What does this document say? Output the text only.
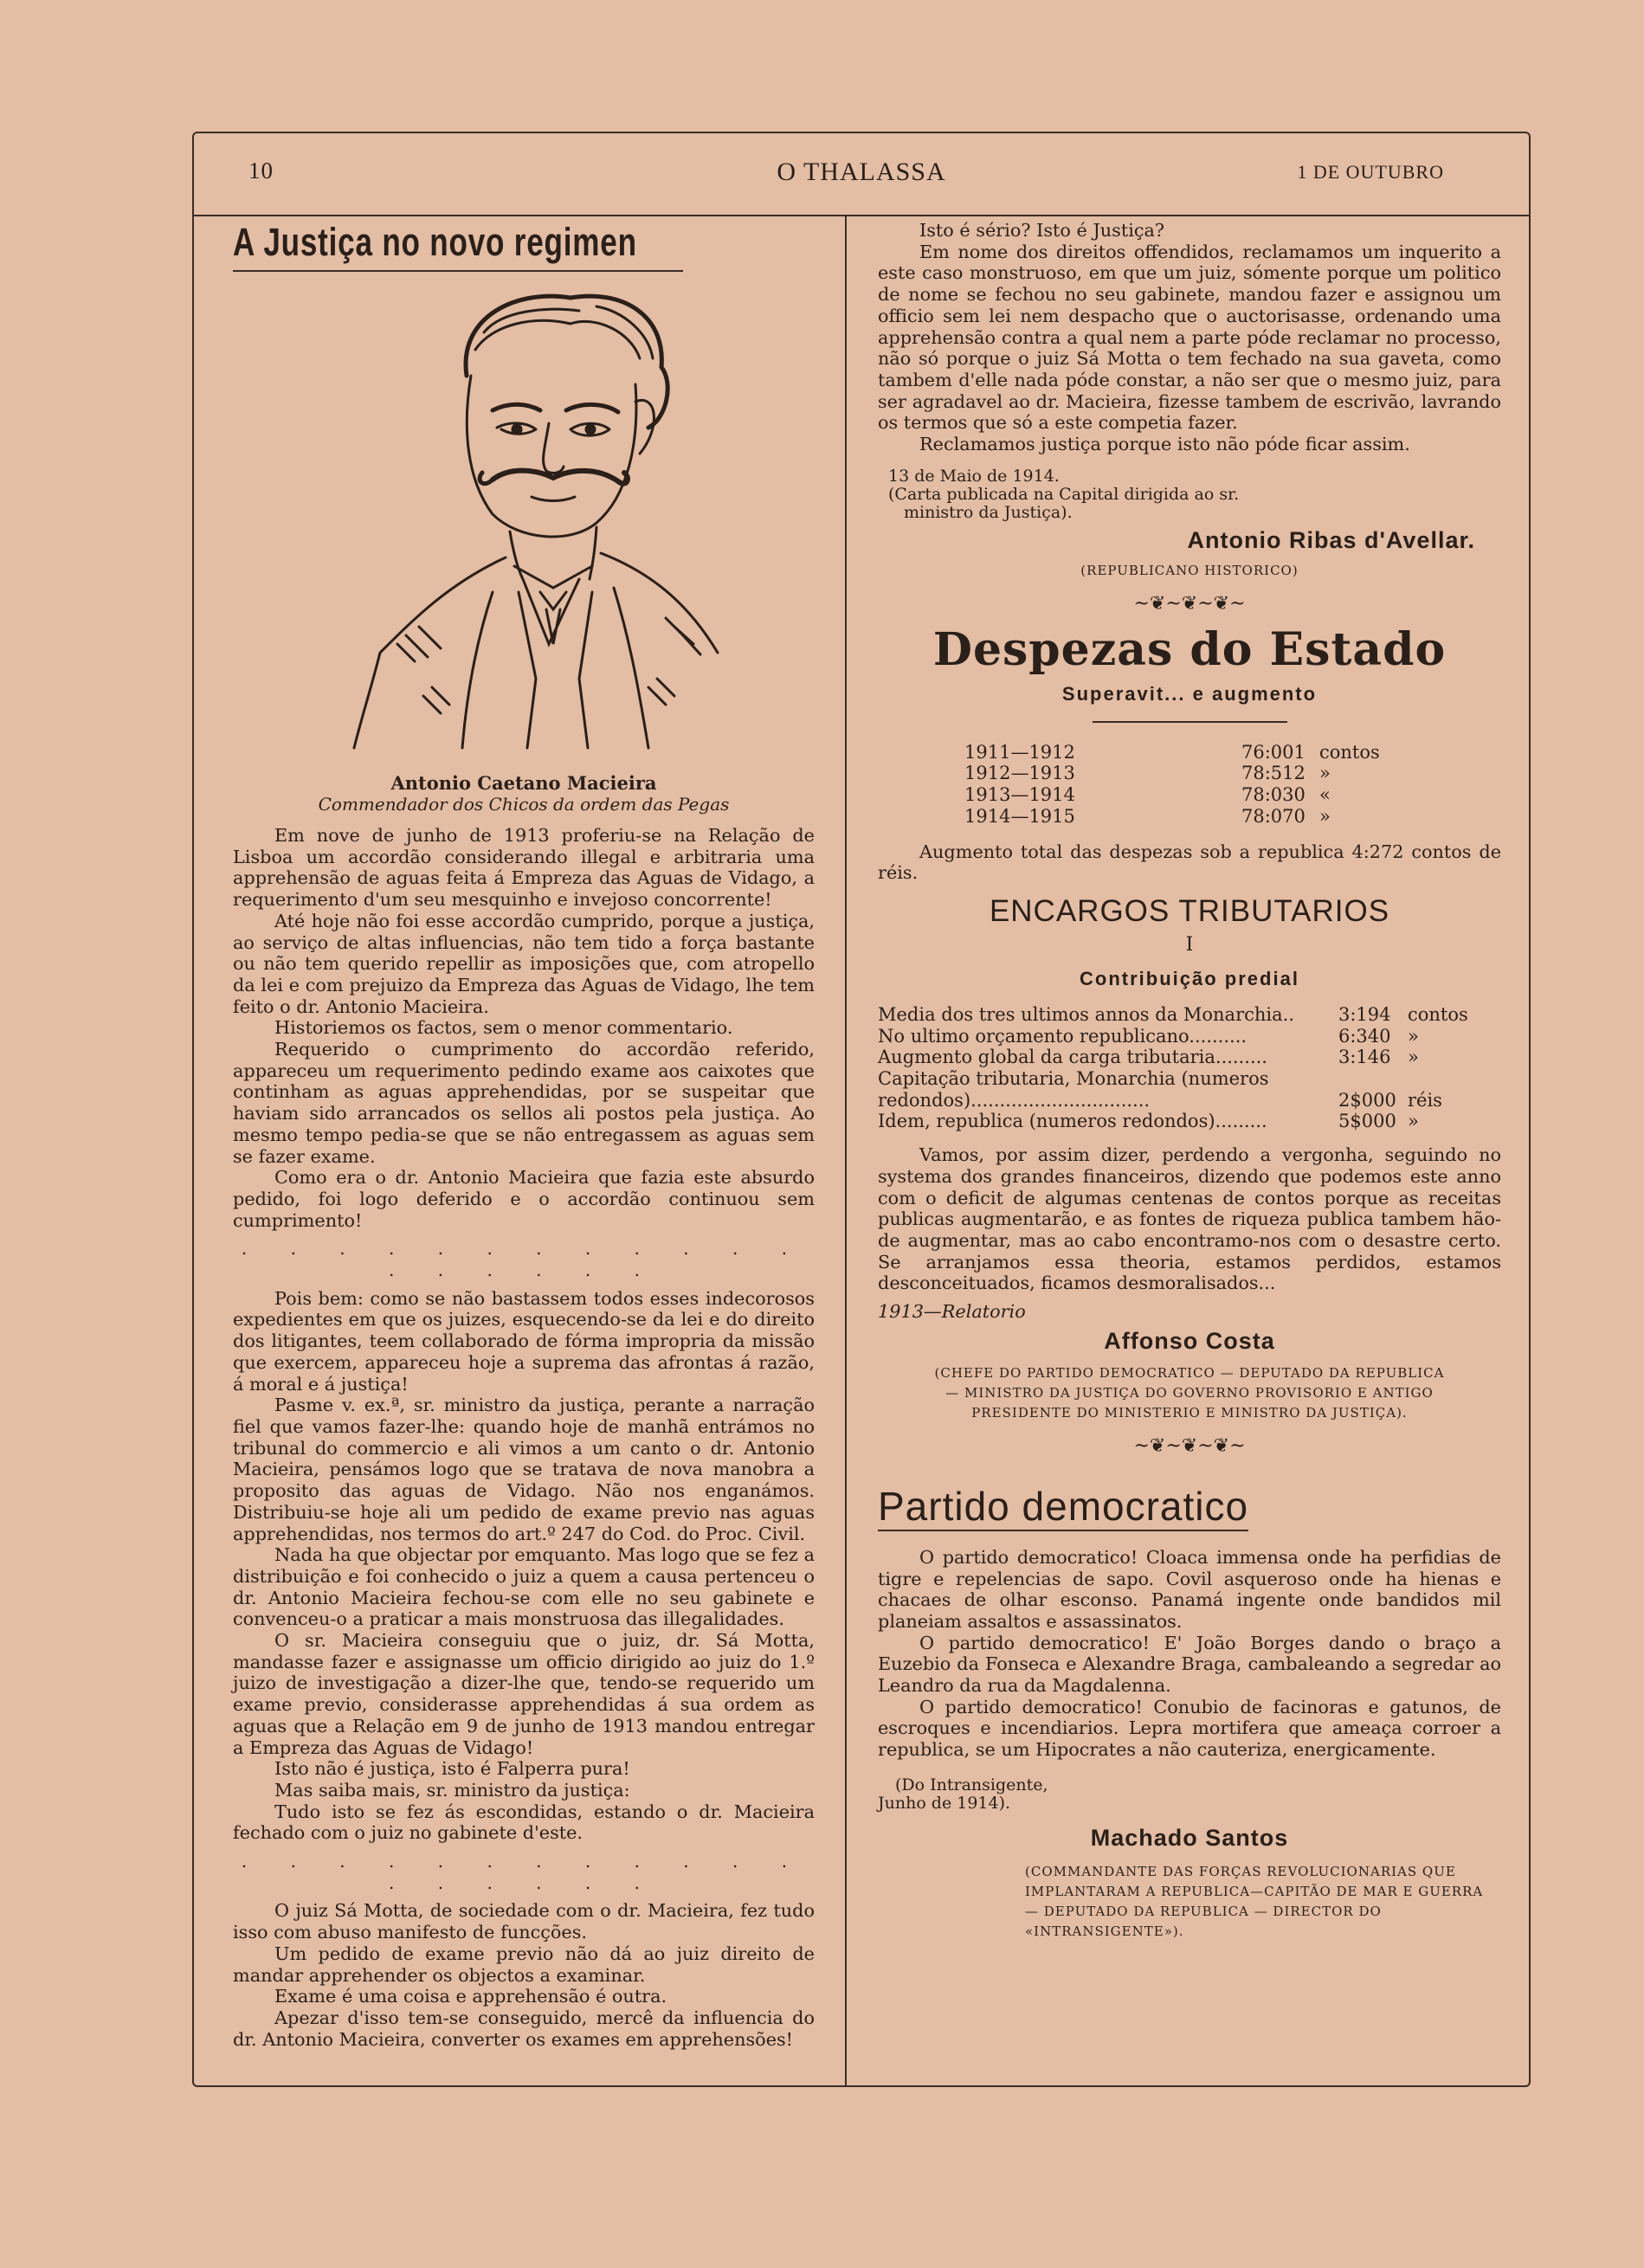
10	O THALASSA	1 DE OUTUBRO
A Justiça no novo regimen
Antonio Caetano Macieira
Commendador dos Chicos da ordem das Pegas

Em nove de junho de 1913 proferiu-se na Relação de Lisboa um accordão considerando illegal e arbitraria uma apprehensão de aguas feita á Empreza das Aguas de Vidago, a requerimento d'um seu mesquinho e invejoso concorrente!

Até hoje não foi esse accordão cumprido, porque a justiça, ao serviço de altas influencias, não tem tido a força bastante ou não tem querido repellir as imposições que, com atropello da lei e com prejuizo da Empreza das Aguas de Vidago, lhe tem feito o dr. Antonio Macieira.

Historiemos os factos, sem o menor commentario.

Requerido o cumprimento do accordão referido, appareceu um requerimento pedindo exame aos caixotes que continham as aguas apprehendidas, por se suspeitar que haviam sido arrancados os sellos ali postos pela justiça. Ao mesmo tempo pedia-se que se não entregassem as aguas sem se fazer exame.

Como era o dr. Antonio Macieira que fazia este absurdo pedido, foi logo deferido e o accordão continuou sem cumprimento!

. . . . . . . . . . . . . . . . . .

Pois bem: como se não bastassem todos esses indecorosos expedientes em que os juizes, esquecendo-se da lei e do direito dos litigantes, teem collaborado de fórma impropria da missão que exercem, appareceu hoje a suprema das afrontas á razão, á moral e á justiça!

Pasme v. ex.ª, sr. ministro da justiça, perante a narração fiel que vamos fazer-lhe: quando hoje de manhã entrámos no tribunal do commercio e ali vimos a um canto o dr. Antonio Macieira, pensámos logo que se tratava de nova manobra a proposito das aguas de Vidago. Não nos enganámos. Distribuiu-se hoje ali um pedido de exame previo nas aguas apprehendidas, nos termos do art.º 247 do Cod. do Proc. Civil.

Nada ha que objectar por emquanto. Mas logo que se fez a distribuição e foi conhecido o juiz a quem a causa pertenceu o dr. Antonio Macieira fechou-se com elle no seu gabinete e convenceu-o a praticar a mais monstruosa das illegalidades.

O sr. Macieira conseguiu que o juiz, dr. Sá Motta, mandasse fazer e assignasse um officio dirigido ao juiz do 1.º juizo de investigação a dizer-lhe que, tendo-se requerido um exame previo, considerasse apprehendidas á sua ordem as aguas que a Relação em 9 de junho de 1913 mandou entregar a Empreza das Aguas de Vidago!

Isto não é justiça, isto é Falperra pura!

Mas saiba mais, sr. ministro da justiça:

Tudo isto se fez ás escondidas, estando o dr. Macieira fechado com o juiz no gabinete d'este.

. . . . . . . . . . . . . . . . . .

O juiz Sá Motta, de sociedade com o dr. Macieira, fez tudo isso com abuso manifesto de funcções.

Um pedido de exame previo não dá ao juiz direito de mandar apprehender os objectos a examinar.

Exame é uma coisa e apprehensão é outra.

Apezar d'isso tem-se conseguido, mercê da influencia do dr. Antonio Macieira, converter os exames em apprehensões!

Isto é sério? Isto é Justiça?

Em nome dos direitos offendidos, reclamamos um inquerito a este caso monstruoso, em que um juiz, sómente porque um politico de nome se fechou no seu gabinete, mandou fazer e assignou um officio sem lei nem despacho que o auctorisasse, ordenando uma apprehensão contra a qual nem a parte póde reclamar no processo, não só porque o juiz Sá Motta o tem fechado na sua gaveta, como tambem d'elle nada póde constar, a não ser que o mesmo juiz, para ser agradavel ao dr. Macieira, fizesse tambem de escrivão, lavrando os termos que só a este competia fazer.

Reclamamos justiça porque isto não póde ficar assim.

13 de Maio de 1914.

(Carta publicada na Capital dirigida ao sr.

ministro da Justiça).

Antonio Ribas d'Avellar.
(REPUBLICANO HISTORICO)
~❦~❦~❦~
Despezas do Estado
Superavit... e augmento
1911—1912	76:001	contos
1912—1913	78:512	»
1913—1914	78:030	«
1914—1915	78:070	»

Augmento total das despezas sob a republica 4:272 contos de réis.

ENCARGOS TRIBUTARIOS
I
Contribuição predial
Media dos tres ultimos annos da Monarchia..	3:194	contos
No ultimo orçamento republicano..........	6:340	»
Augmento global da carga tributaria.........	3:146	»
Capitação tributaria, Monarchia (numeros redondos)...............................	2$000	réis
Idem, republica (numeros redondos).........	5$000	»

Vamos, por assim dizer, perdendo a vergonha, seguindo no systema dos grandes financeiros, dizendo que podemos este anno com o deficit de algumas centenas de contos porque as receitas publicas augmentarão, e as fontes de riqueza publica tambem hão-de augmentar, mas ao cabo encontramo-nos com o desastre certo. Se arranjamos essa theoria, estamos perdidos, estamos desconceituados, ficamos desmoralisados...

1913—Relatorio

Affonso Costa
(CHEFE DO PARTIDO DEMOCRATICO — DEPUTADO DA REPUBLICA — MINISTRO DA JUSTIÇA DO GOVERNO PROVISORIO E ANTIGO PRESIDENTE DO MINISTERIO E MINISTRO DA JUSTIÇA).
~❦~❦~❦~
Partido democratico

O partido democratico! Cloaca immensa onde ha perfidias de tigre e repelencias de sapo. Covil asqueroso onde ha hienas e chacaes de olhar esconso. Panamá ingente onde bandidos mil planeiam assaltos e assassinatos.

O partido democratico! E' João Borges dando o braço a Euzebio da Fonseca e Alexandre Braga, cambaleando a segredar ao Leandro da rua da Magdalenna.

O partido democratico! Conubio de facinoras e gatunos, de escroques e incendiarios. Lepra mortifera que ameaça corroer a republica, se um Hipocrates a não cauteriza, energicamente.

(Do Intransigente,

Junho de 1914).

Machado Santos
(COMMANDANTE DAS FORÇAS REVOLUCIONARIAS QUE IMPLANTARAM A REPUBLICA—CAPITÃO DE MAR E GUERRA — DEPUTADO DA REPUBLICA — DIRECTOR DO «INTRANSIGENTE»).
